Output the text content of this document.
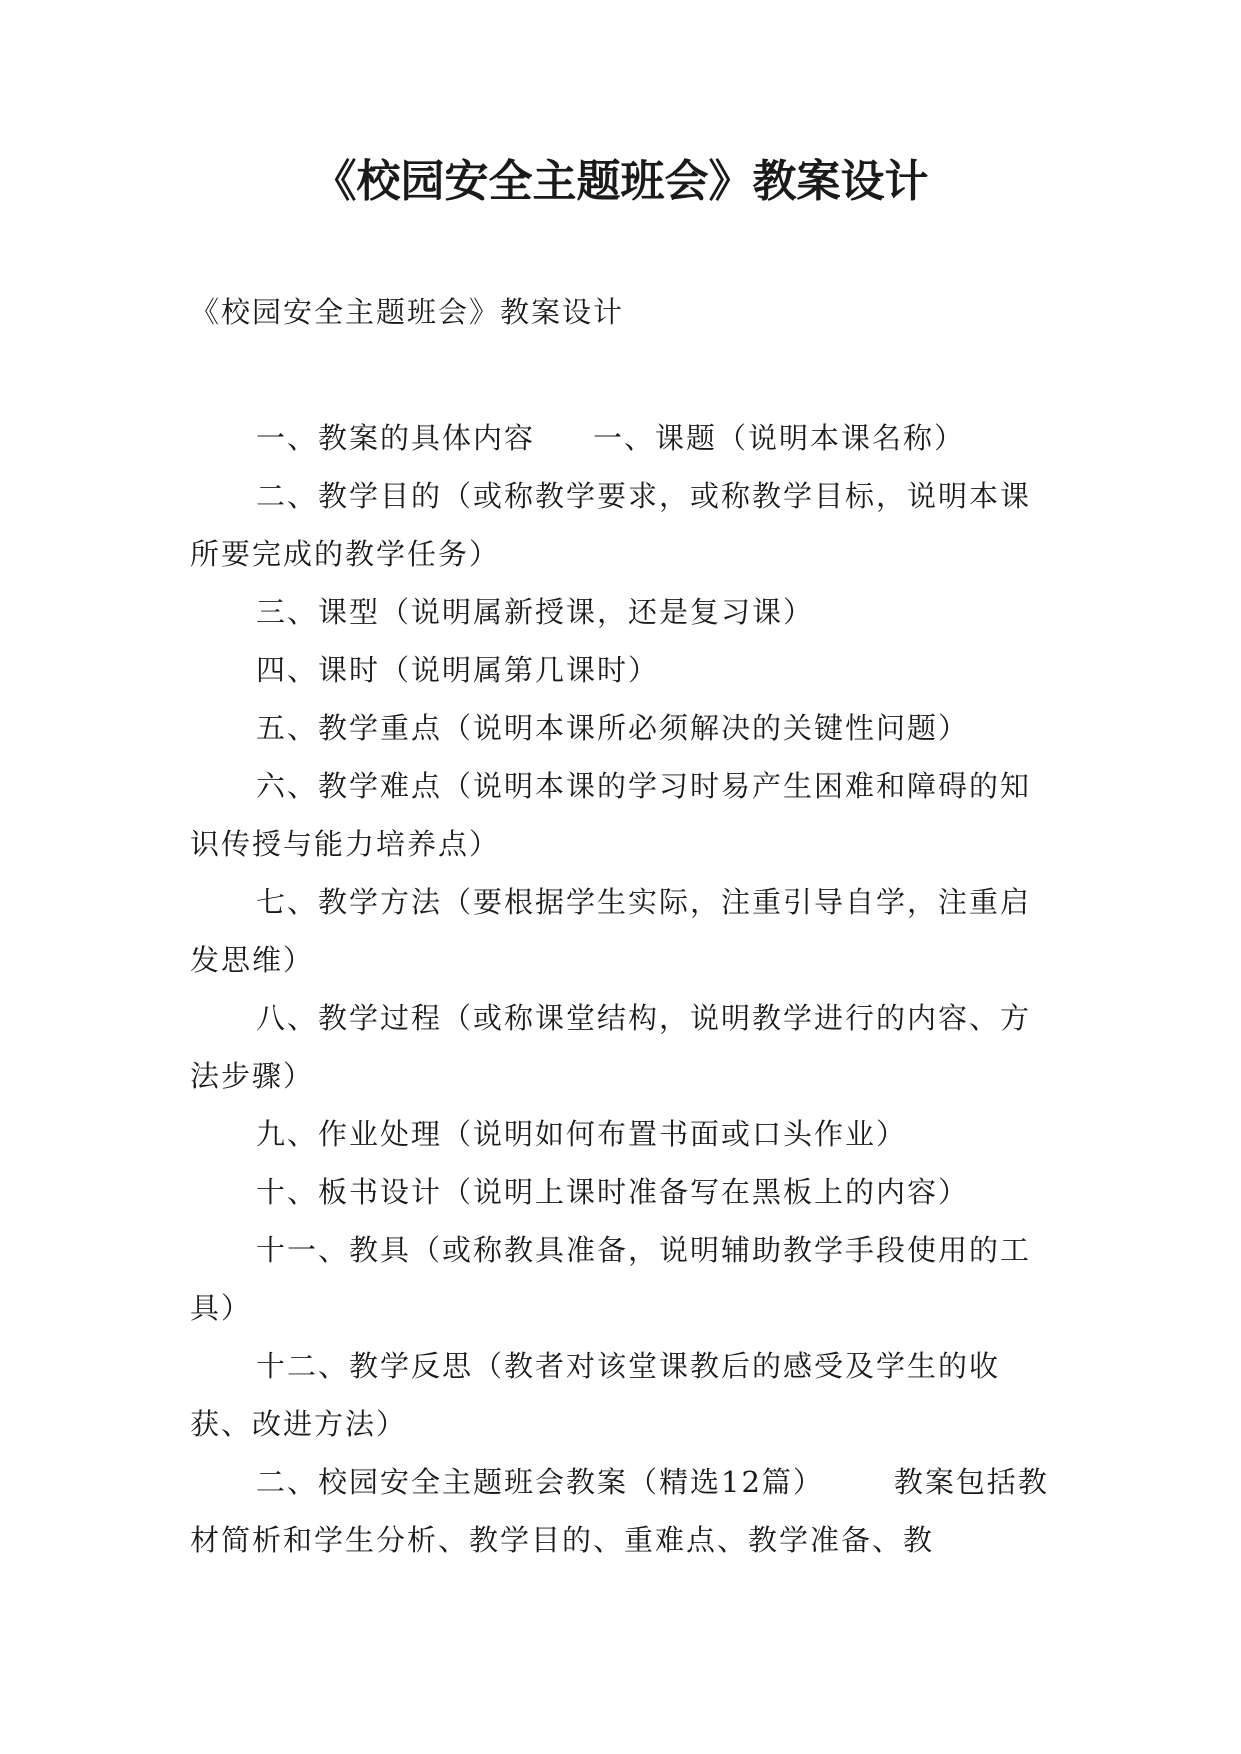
《校园安全主题班会》教案设计
《校园安全主题班会》教案设计

一、教案的具体内容 一、课题（说明本课名称）

二、教学目的（或称教学要求，或称教学目标，说明本课所要完成的教学任务）

三、课型（说明属新授课，还是复习课）

四、课时（说明属第几课时）

五、教学重点（说明本课所必须解决的关键性问题）

六、教学难点（说明本课的学习时易产生困难和障碍的知识传授与能力培养点）

七、教学方法（要根据学生实际，注重引导自学，注重启发思维）

八、教学过程（或称课堂结构，说明教学进行的内容、方法步骤）

九、作业处理（说明如何布置书面或口头作业）

十、板书设计（说明上课时准备写在黑板上的内容）

十一、教具（或称教具准备，说明辅助教学手段使用的工具）

十二、教学反思（教者对该堂课教后的感受及学生的收获、改进方法）

二、校园安全主题班会教案（精选12篇） 教案包括教材简析和学生分析、教学目的、重难点、教学准备、教
